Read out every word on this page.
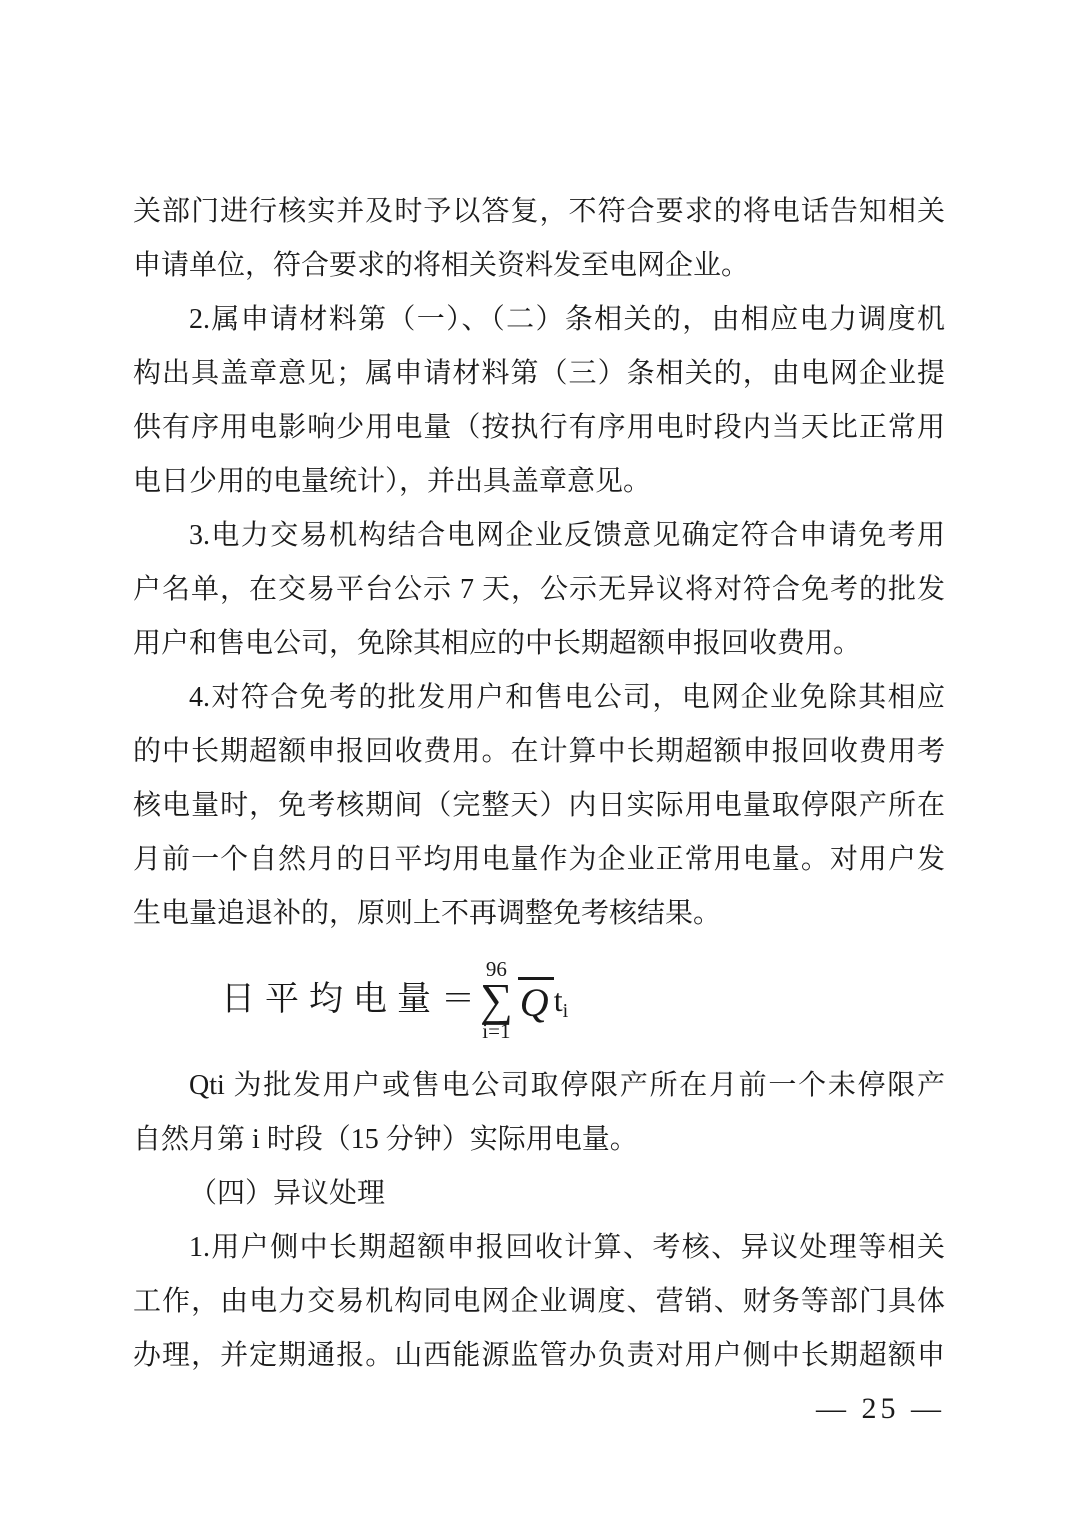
关部门进行核实并及时予以答复，不符合要求的将电话告知相关
申请单位，符合要求的将相关资料发至电网企业。
2.属申请材料第（一）、（二）条相关的，由相应电力调度机
构出具盖章意见；属申请材料第（三）条相关的，由电网企业提
供有序用电影响少用电量（按执行有序用电时段内当天比正常用
电日少用的电量统计），并出具盖章意见。
3.电力交易机构结合电网企业反馈意见确定符合申请免考用
户名单，在交易平台公示 7 天，公示无异议将对符合免考的批发
用户和售电公司，免除其相应的中长期超额申报回收费用。
4.对符合免考的批发用户和售电公司，电网企业免除其相应
的中长期超额申报回收费用。在计算中长期超额申报回收费用考
核电量时，免考核期间（完整天）内日实际用电量取停限产所在
月前一个自然月的日平均用电量作为企业正常用电量。对用户发
生电量追退补的，原则上不再调整免考核结果。
日平均电量 ＝
96
∑
i=1
Q t i
Qti 为批发用户或售电公司取停限产所在月前一个未停限产
自然月第 i 时段（15 分钟）实际用电量。
（四）异议处理
1.用户侧中长期超额申报回收计算、考核、异议处理等相关
工作，由电力交易机构同电网企业调度、营销、财务等部门具体
办理，并定期通报。山西能源监管办负责对用户侧中长期超额申
— 25 —
